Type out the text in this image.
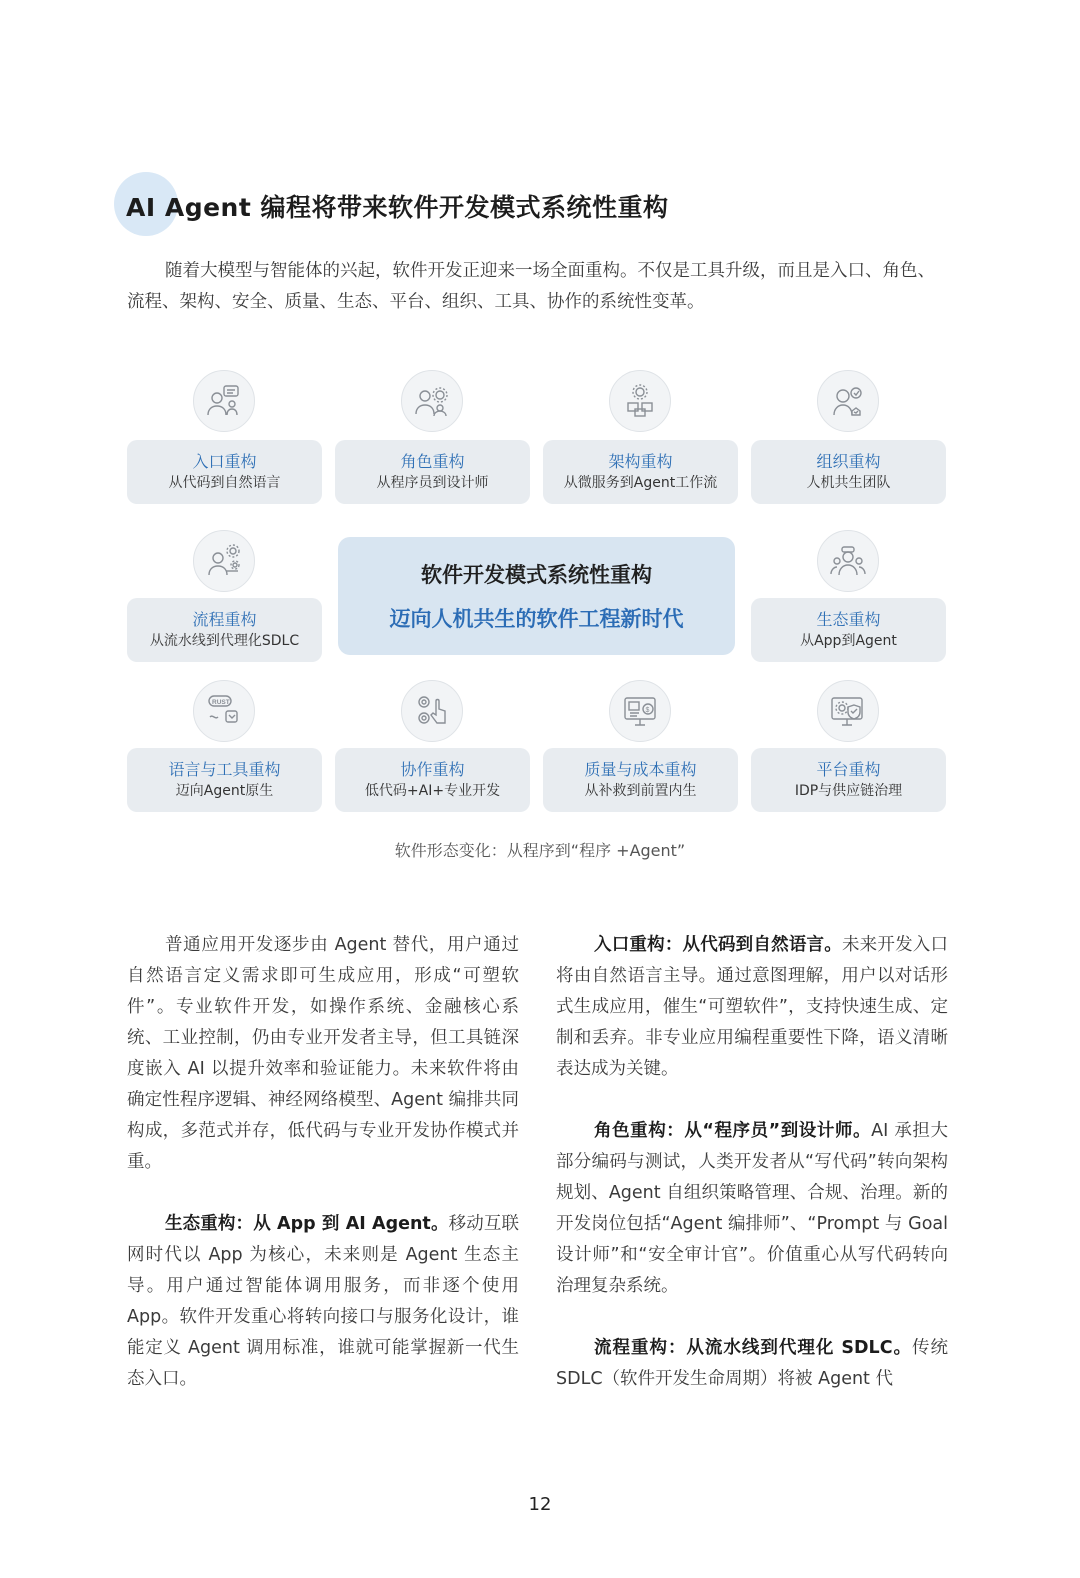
AI Agent 编程将带来软件开发模式系统性重构

随着大模型与智能体的兴起，软件开发正迎来一场全面重构。不仅是工具升级，而且是入口、角色、流程、架构、安全、质量、生态、平台、组织、工具、协作的系统性变革。

RUST
$
入口重构
从代码到自然语言
角色重构
从程序员到设计师
架构重构
从微服务到Agent工作流
组织重构
人机共生团队
流程重构
从流水线到代理化SDLC
生态重构
从App到Agent
语言与工具重构
迈向Agent原生
协作重构
低代码+AI+专业开发
质量与成本重构
从补救到前置内生
平台重构
IDP与供应链治理
软件开发模式系统性重构
迈向人机共生的软件工程新时代
软件形态变化：从程序到“程序 +Agent”

普通应用开发逐步由 Agent 替代，用户通过自然语言定义需求即可生成应用，形成“可塑软件”。专业软件开发，如操作系统、金融核心系统、工业控制，仍由专业开发者主导，但工具链深度嵌入 AI 以提升效率和验证能力。未来软件将由确定性程序逻辑、神经网络模型、Agent 编排共同构成，多范式并存，低代码与专业开发协作模式并重。

生态重构：从 App 到 AI Agent。移动互联网时代以 App 为核心，未来则是 Agent 生态主导。用户通过智能体调用服务，而非逐个使用 App。软件开发重心将转向接口与服务化设计，谁能定义 Agent 调用标准，谁就可能掌握新一代生态入口。

入口重构：从代码到自然语言。未来开发入口将由自然语言主导。通过意图理解，用户以对话形式生成应用，催生“可塑软件”，支持快速生成、定制和丢弃。非专业应用编程重要性下降，语义清晰表达成为关键。

角色重构：从“程序员”到设计师。AI 承担大部分编码与测试，人类开发者从“写代码”转向架构规划、Agent 自组织策略管理、合规、治理。新的开发岗位包括“Agent 编排师”、“Prompt 与 Goal 设计师”和“安全审计官”。价值重心从写代码转向治理复杂系统。

流程重构：从流水线到代理化 SDLC。传统 SDLC（软件开发生命周期）将被 Agent 代

12
